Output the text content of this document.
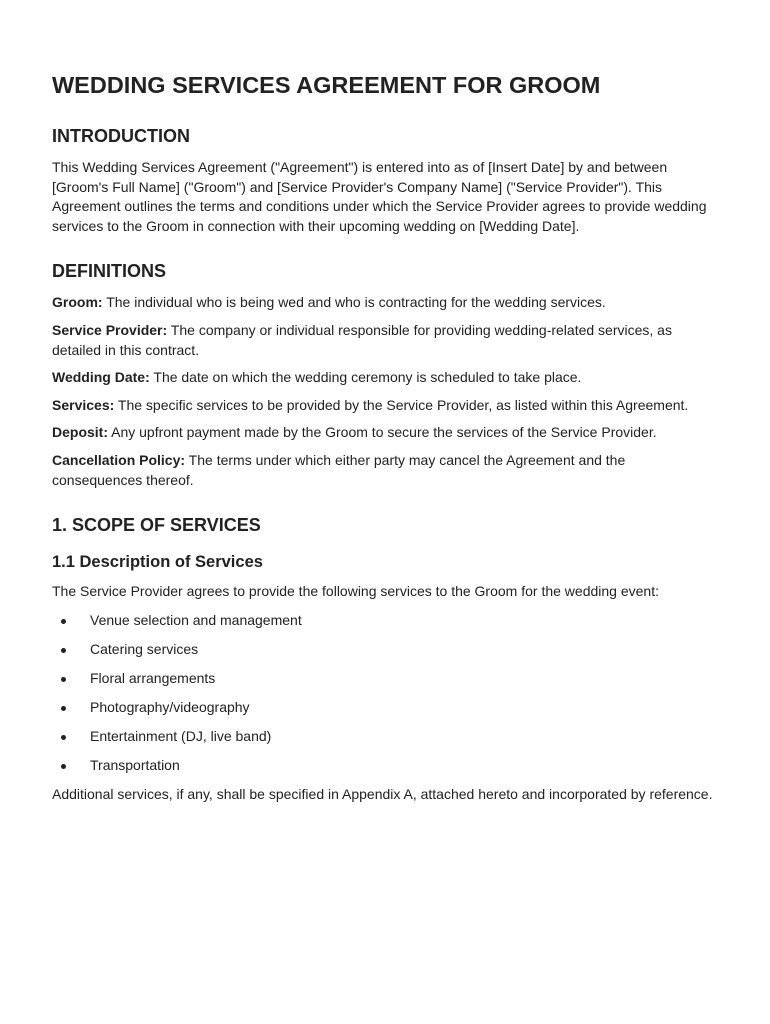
WEDDING SERVICES AGREEMENT FOR GROOM
INTRODUCTION

This Wedding Services Agreement ("Agreement") is entered into as of [Insert Date] by and between [Groom's Full Name] ("Groom") and [Service Provider's Company Name] ("Service Provider"). This Agreement outlines the terms and conditions under which the Service Provider agrees to provide wedding services to the Groom in connection with their upcoming wedding on [Wedding Date].

DEFINITIONS

Groom: The individual who is being wed and who is contracting for the wedding services.

Service Provider: The company or individual responsible for providing wedding-related services, as detailed in this contract.

Wedding Date: The date on which the wedding ceremony is scheduled to take place.

Services: The specific services to be provided by the Service Provider, as listed within this Agreement.

Deposit: Any upfront payment made by the Groom to secure the services of the Service Provider.

Cancellation Policy: The terms under which either party may cancel the Agreement and the consequences thereof.

1. SCOPE OF SERVICES
1.1 Description of Services

The Service Provider agrees to provide the following services to the Groom for the wedding event:

Venue selection and management
Catering services
Floral arrangements
Photography/videography
Entertainment (DJ, live band)
Transportation

Additional services, if any, shall be specified in Appendix A, attached hereto and incorporated by reference.
